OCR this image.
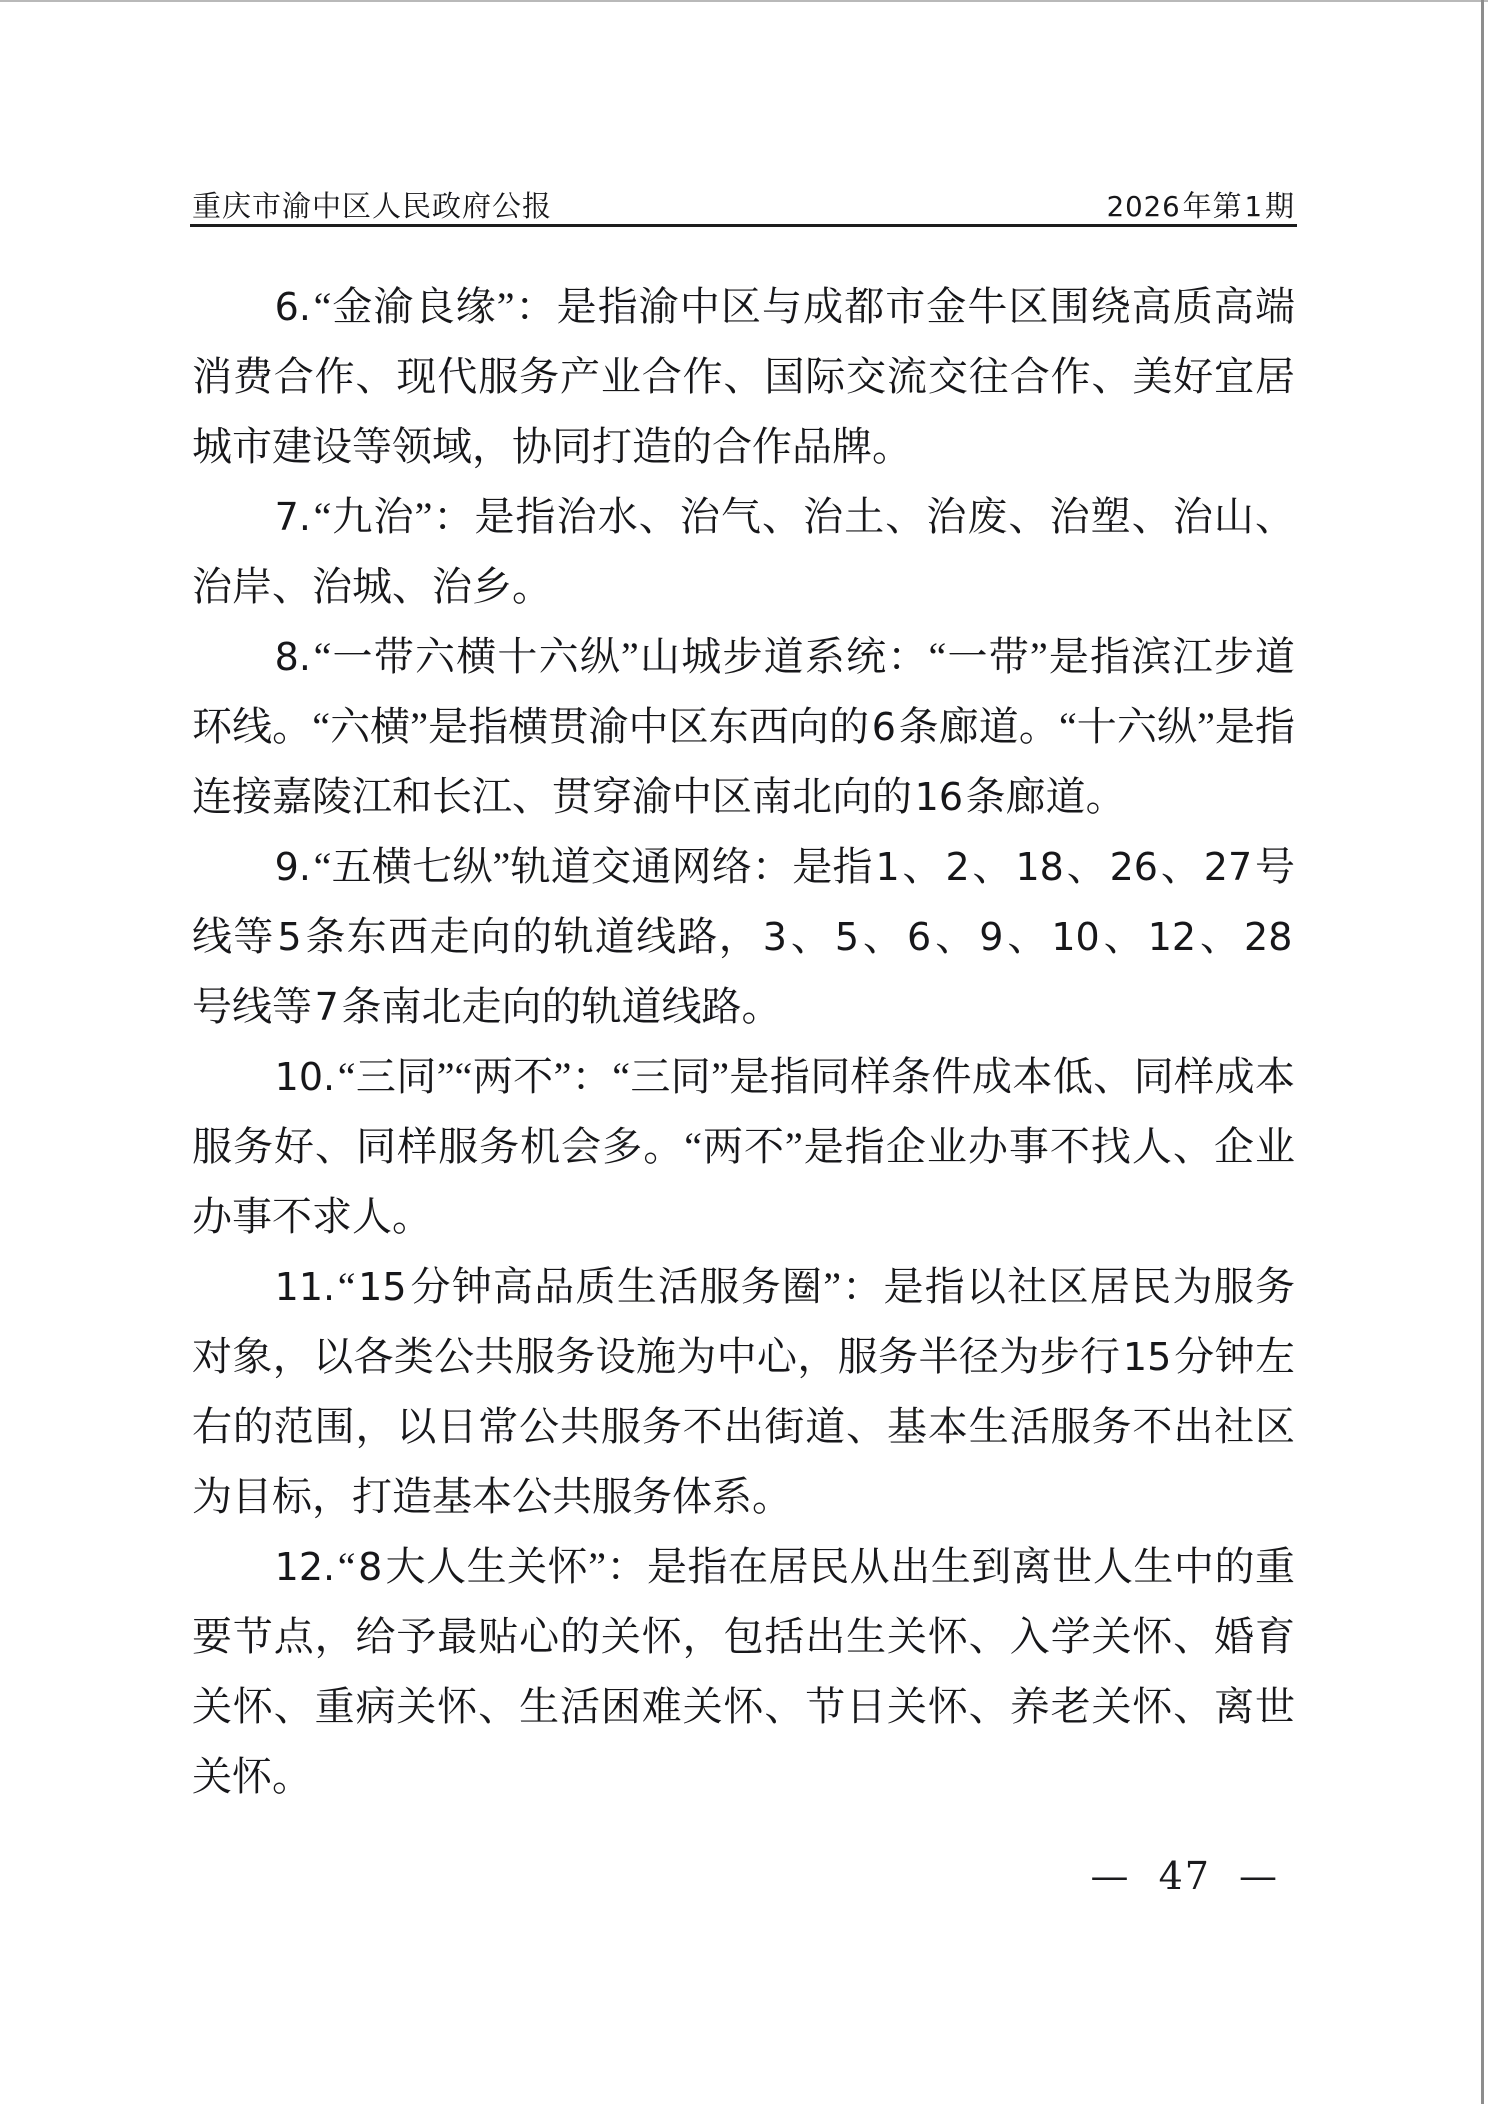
重庆市渝中区人民政府公报	2026年第1期

6.“金渝良缘”：是指渝中区与成都市金牛区围绕高质高端消费合作、现代服务产业合作、国际交流交往合作、美好宜居城市建设等领域，协同打造的合作品牌。

7.“九治”：是指治水、治气、治土、治废、治塑、治山、治岸、治城、治乡。

8.“一带六横十六纵”山城步道系统：“一带”是指滨江步道环线。“六横”是指横贯渝中区东西向的6条廊道。“十六纵”是指连接嘉陵江和长江、贯穿渝中区南北向的16条廊道。

9.“五横七纵”轨道交通网络：是指1、2、18、26、27号线等5条东西走向的轨道线路，3、5、6、9、10、12、28号线等7条南北走向的轨道线路。

10.“三同”“两不”：“三同”是指同样条件成本低、同样成本服务好、同样服务机会多。“两不”是指企业办事不找人、企业办事不求人。

11.“15分钟高品质生活服务圈”：是指以社区居民为服务对象，以各类公共服务设施为中心，服务半径为步行15分钟左右的范围，以日常公共服务不出街道、基本生活服务不出社区为目标，打造基本公共服务体系。

12.“8大人生关怀”：是指在居民从出生到离世人生中的重要节点，给予最贴心的关怀，包括出生关怀、入学关怀、婚育关怀、重病关怀、生活困难关怀、节日关怀、养老关怀、离世关怀。

— 47 —
